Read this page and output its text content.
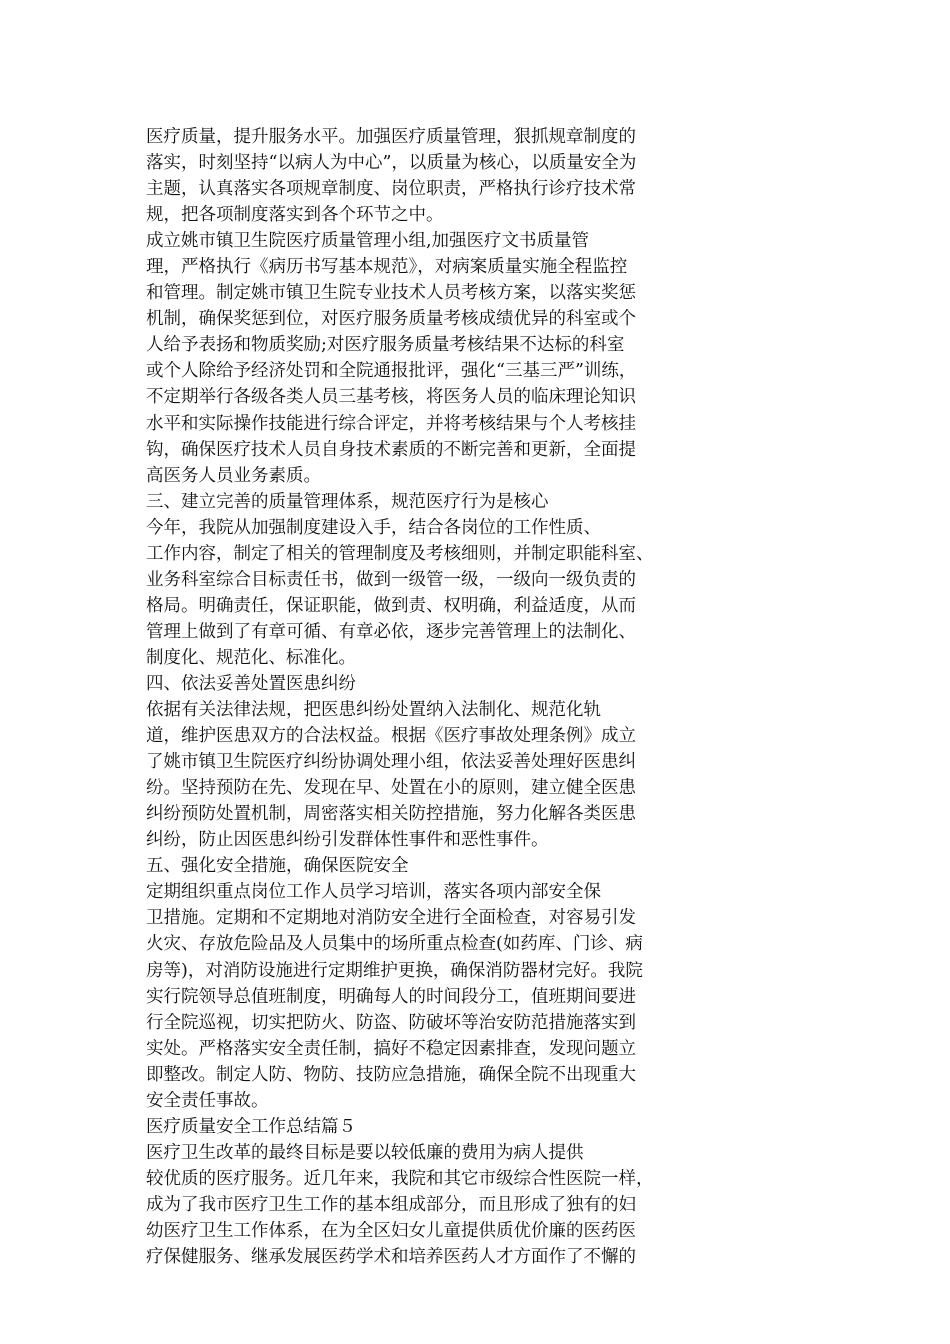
医疗质量，提升服务水平。加强医疗质量管理，狠抓规章制度的
落实，时刻坚持“以病人为中心”，以质量为核心，以质量安全为
主题，认真落实各项规章制度、岗位职责，严格执行诊疗技术常
规，把各项制度落实到各个环节之中。
成立姚市镇卫生院医疗质量管理小组,加强医疗文书质量管
理，严格执行《病历书写基本规范》，对病案质量实施全程监控
和管理。制定姚市镇卫生院专业技术人员考核方案，以落实奖惩
机制，确保奖惩到位，对医疗服务质量考核成绩优异的科室或个
人给予表扬和物质奖励;对医疗服务质量考核结果不达标的科室
或个人除给予经济处罚和全院通报批评，强化“三基三严”训练，
不定期举行各级各类人员三基考核，将医务人员的临床理论知识
水平和实际操作技能进行综合评定，并将考核结果与个人考核挂
钩，确保医疗技术人员自身技术素质的不断完善和更新，全面提
高医务人员业务素质。
三、建立完善的质量管理体系，规范医疗行为是核心
今年，我院从加强制度建设入手，结合各岗位的工作性质、
工作内容，制定了相关的管理制度及考核细则，并制定职能科室、
业务科室综合目标责任书，做到一级管一级，一级向一级负责的
格局。明确责任，保证职能，做到责、权明确，利益适度，从而
管理上做到了有章可循、有章必依，逐步完善管理上的法制化、
制度化、规范化、标准化。
四、依法妥善处置医患纠纷
依据有关法律法规，把医患纠纷处置纳入法制化、规范化轨
道，维护医患双方的合法权益。根据《医疗事故处理条例》成立
了姚市镇卫生院医疗纠纷协调处理小组，依法妥善处理好医患纠
纷。坚持预防在先、发现在早、处置在小的原则，建立健全医患
纠纷预防处置机制，周密落实相关防控措施，努力化解各类医患
纠纷，防止因医患纠纷引发群体性事件和恶性事件。
五、强化安全措施，确保医院安全
定期组织重点岗位工作人员学习培训，落实各项内部安全保
卫措施。定期和不定期地对消防安全进行全面检查，对容易引发
火灾、存放危险品及人员集中的场所重点检查(如药库、门诊、病
房等)，对消防设施进行定期维护更换，确保消防器材完好。我院
实行院领导总值班制度，明确每人的时间段分工，值班期间要进
行全院巡视，切实把防火、防盗、防破坏等治安防范措施落实到
实处。严格落实安全责任制，搞好不稳定因素排查，发现问题立
即整改。制定人防、物防、技防应急措施，确保全院不出现重大
安全责任事故。
医疗质量安全工作总结篇５
医疗卫生改革的最终目标是要以较低廉的费用为病人提供
较优质的医疗服务。近几年来，我院和其它市级综合性医院一样，
成为了我市医疗卫生工作的基本组成部分，而且形成了独有的妇
幼医疗卫生工作体系，在为全区妇女儿童提供质优价廉的医药医
疗保健服务、继承发展医药学术和培养医药人才方面作了不懈的
